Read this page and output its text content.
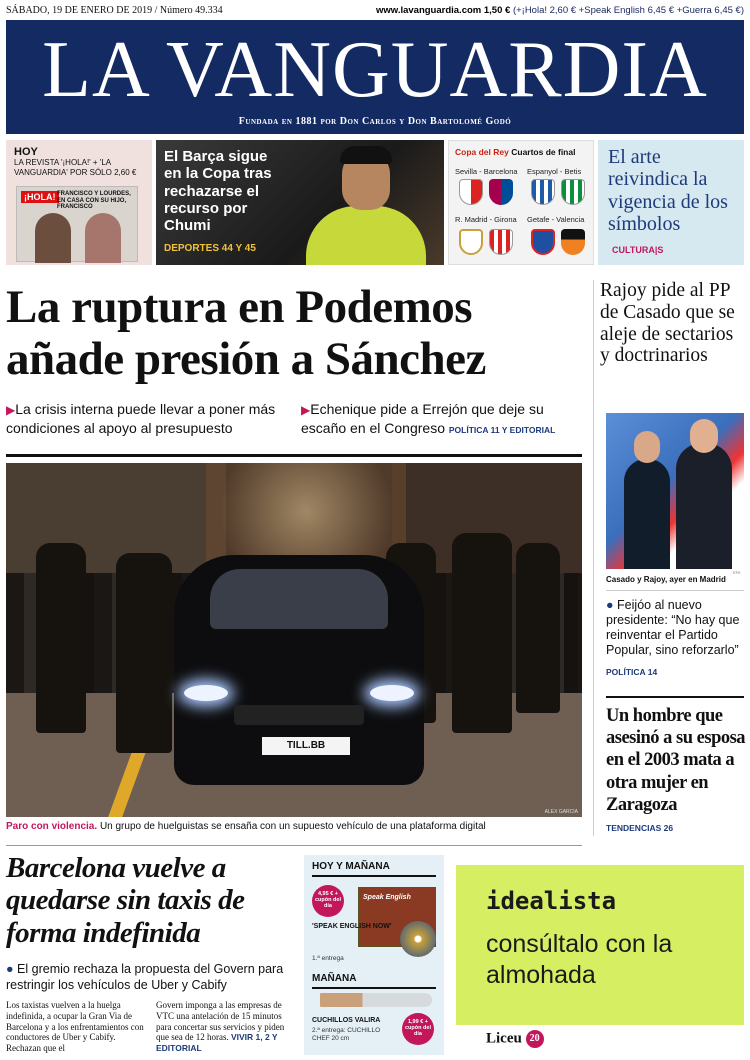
SÁBADO, 19 DE ENERO DE 2019 / Número 49.334	www.lavanguardia.com 1,50 € (+¡Hola! 2,60 € +Speak English 6,45 € +Guerra 6,45 €)
LA VANGUARDIA
Fundada en 1881 por Don Carlos y Don Bartolomé Godó
HOY
LA REVISTA '¡HOLA!' + 'LA VANGUARDIA' POR SÓLO 2,60 €
¡HOLA! FRANCISCO Y LOURDES, EN CASA CON SU HIJO, FRANCISCO
El Barça sigue en la Copa tras rechazarse el recurso por Chumi
DEPORTES 44 Y 45
Copa del Rey Cuartos de final
Sevilla - Barcelona Espanyol - Betis
R. Madrid - Girona Getafe - Valencia
El arte reivindica la vigencia de los símbolos
CULTURA|S
La ruptura en Podemos añade presión a Sánchez
▶La crisis interna puede llevar a poner más condiciones al apoyo al presupuesto
▶Echenique pide a Errejón que deje su escaño en el Congreso POLÍTICA 11 Y EDITORIAL
TILL.BB
ALEX GARCIA
Paro con violencia. Un grupo de huelguistas se ensaña con un supuesto vehículo de una plataforma digital
Rajoy pide al PP de Casado que se aleje de sectarios y doctrinarios
EFE
Casado y Rajoy, ayer en Madrid
● Feijóo al nuevo presidente: “No hay que reinventar el Partido Popular, sino reforzarlo”
POLÍTICA 14
Un hombre que asesinó a su esposa en el 2003 mata a otra mujer en Zaragoza
TENDENCIAS 26
Barcelona vuelve a quedarse sin taxis de forma indefinida
● El gremio rechaza la propuesta del Govern para restringir los vehículos de Uber y Cabify
Los taxistas vuelven a la huelga indefinida, a ocupar la Gran Via de Barcelona y a los enfrentamientos con conductores de Uber y Cabify. Rechazan que el
Govern imponga a las empresas de VTC una antelación de 15 minutos para concertar sus servicios y piden que sea de 12 horas. VIVIR 1, 2 Y EDITORIAL
HOY Y MAÑANA
4,95 € + cupón del día
Speak English
'SPEAK ENGLISH NOW'
1.ª entrega
MAÑANA
CUCHILLOS VALIRA
2.ª entrega: CUCHILLO CHEF 20 cm
1,99 € + cupón del día
idealista
consúltalo con la almohada
Liceu 20
